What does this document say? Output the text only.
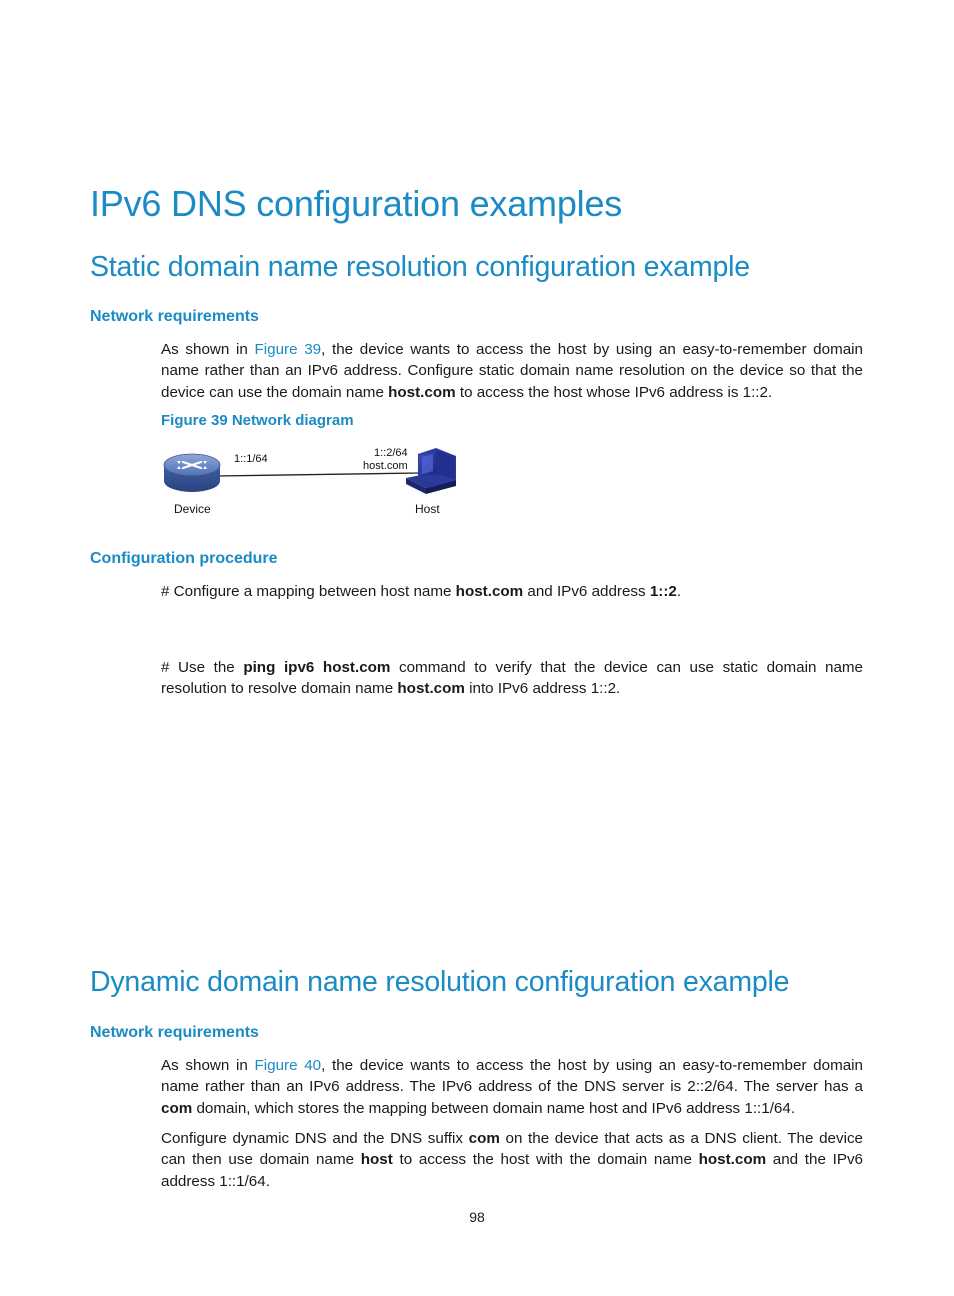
IPv6 DNS configuration examples
Static domain name resolution configuration example
Network requirements
As shown in Figure 39, the device wants to access the host by using an easy-to-remember domain name rather than an IPv6 address. Configure static domain name resolution on the device so that the device can use the domain name host.com to access the host whose IPv6 address is 1::2.
Figure 39 Network diagram
1::1/64	1::2/64
host.com
Device	Host
Configuration procedure
# Configure a mapping between host name host.com and IPv6 address 1::2.
# Use the ping ipv6 host.com command to verify that the device can use static domain name resolution to resolve domain name host.com into IPv6 address 1::2.
Dynamic domain name resolution configuration example
Network requirements
As shown in Figure 40, the device wants to access the host by using an easy-to-remember domain name rather than an IPv6 address. The IPv6 address of the DNS server is 2::2/64. The server has a com domain, which stores the mapping between domain name host and IPv6 address 1::1/64.
Configure dynamic DNS and the DNS suffix com on the device that acts as a DNS client. The device can then use domain name host to access the host with the domain name host.com and the IPv6 address 1::1/64.
98
